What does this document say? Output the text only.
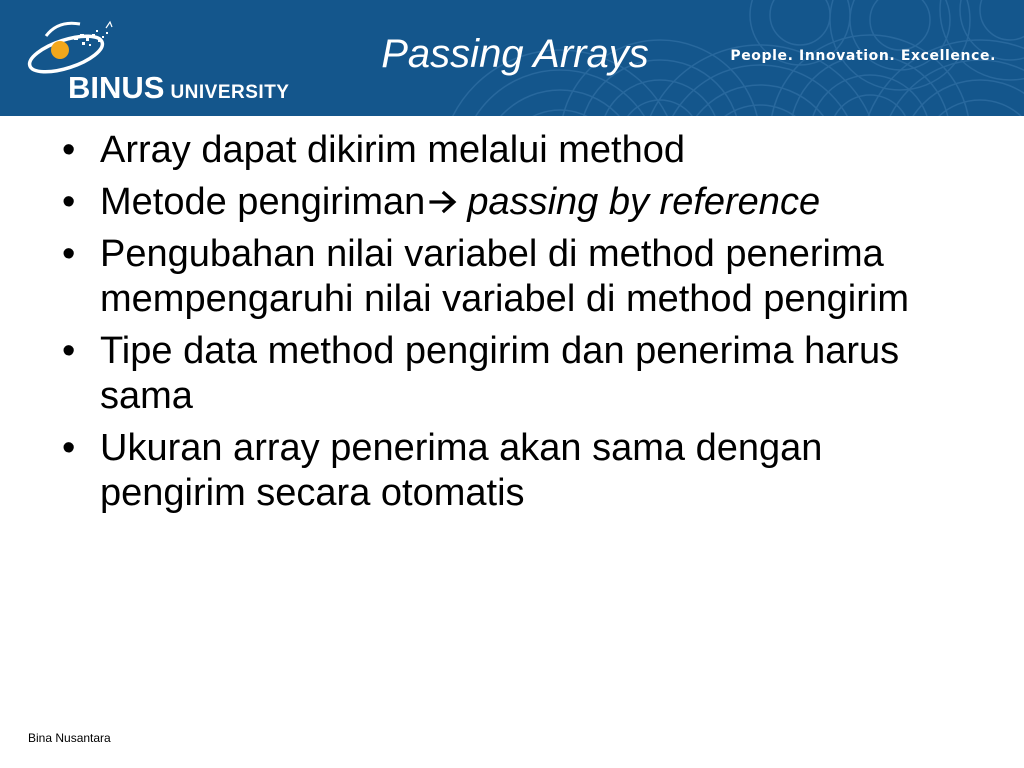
BINUS UNIVERSITY
Passing Arrays	People. Innovation. Excellence.
• Array dapat dikirim melalui method
• Metode pengiriman passing by reference
• Pengubahan nilai variabel di method penerima mempengaruhi nilai variabel di method pengirim
• Tipe data method pengirim dan penerima harus sama
• Ukuran array penerima akan sama dengan pengirim secara otomatis
Bina Nusantara
